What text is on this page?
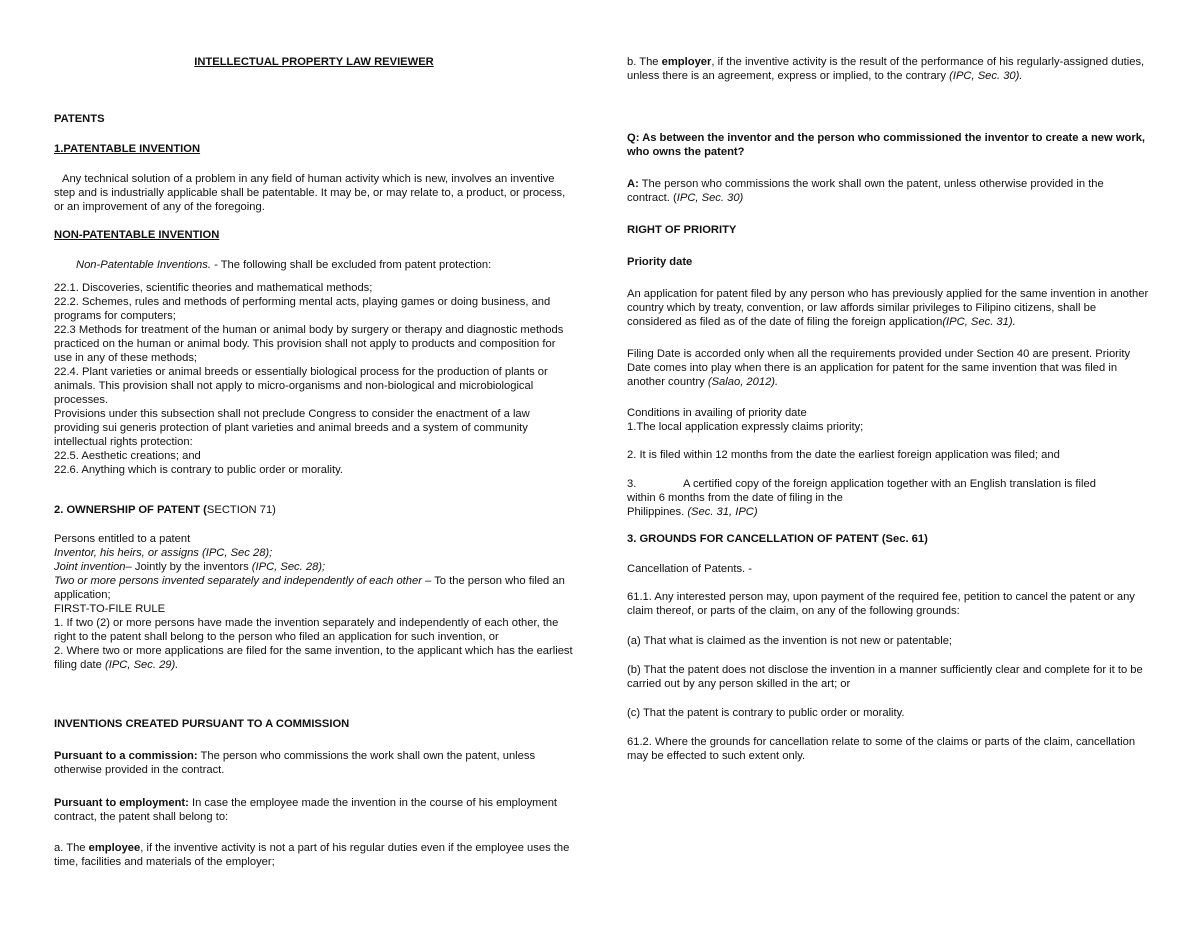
INTELLECTUAL PROPERTY LAW REVIEWER
PATENTS
1.PATENTABLE INVENTION

Any technical solution of a problem in any field of human activity which is new, involves an inventive step and is industrially applicable shall be patentable. It may be, or may relate to, a product, or process, or an improvement of any of the foregoing.

NON-PATENTABLE INVENTION

Non-Patentable Inventions. - The following shall be excluded from patent protection:

22.1. Discoveries, scientific theories and mathematical methods;

22.2. Schemes, rules and methods of performing mental acts, playing games or doing business, and programs for computers;

22.3 Methods for treatment of the human or animal body by surgery or therapy and diagnostic methods practiced on the human or animal body. This provision shall not apply to products and composition for use in any of these methods;

22.4. Plant varieties or animal breeds or essentially biological process for the production of plants or animals. This provision shall not apply to micro-organisms and non-biological and microbiological processes.

Provisions under this subsection shall not preclude Congress to consider the enactment of a law providing sui generis protection of plant varieties and animal breeds and a system of community intellectual rights protection:

22.5. Aesthetic creations; and

22.6. Anything which is contrary to public order or morality.

2. OWNERSHIP OF PATENT (SECTION 71)

Persons entitled to a patent

Inventor, his heirs, or assigns (IPC, Sec 28);

Joint invention– Jointly by the inventors (IPC, Sec. 28);

Two or more persons invented separately and independently of each other – To the person who filed an application;

FIRST-TO-FILE RULE

1. If two (2) or more persons have made the invention separately and independently of each other, the right to the patent shall belong to the person who filed an application for such invention, or

2. Where two or more applications are filed for the same invention, to the applicant which has the earliest filing date (IPC, Sec. 29).

INVENTIONS CREATED PURSUANT TO A COMMISSION

Pursuant to a commission: The person who commissions the work shall own the patent, unless otherwise provided in the contract.

Pursuant to employment: In case the employee made the invention in the course of his employment contract, the patent shall belong to:

a. The employee, if the inventive activity is not a part of his regular duties even if the employee uses the time, facilities and materials of the employer;

b. The employer, if the inventive activity is the result of the performance of his regularly-assigned duties, unless there is an agreement, express or implied, to the contrary (IPC, Sec. 30).

Q: As between the inventor and the person who commissioned the inventor to create a new work, who owns the patent?

A: The person who commissions the work shall own the patent, unless otherwise provided in the contract. (IPC, Sec. 30)

RIGHT OF PRIORITY
Priority date

An application for patent filed by any person who has previously applied for the same invention in another country which by treaty, convention, or law affords similar privileges to Filipino citizens, shall be considered as filed as of the date of filing the foreign application(IPC, Sec. 31).

Filing Date is accorded only when all the requirements provided under Section 40 are present. Priority Date comes into play when there is an application for patent for the same invention that was filed in another country (Salao, 2012).

Conditions in availing of priority date

1.The local application expressly claims priority;

2. It is filed within 12 months from the date the earliest foreign application was filed; and

3.	A certified copy of the foreign application together with an English translation is filed

within 6 months from the date of filing in the

Philippines. (Sec. 31, IPC)

3. GROUNDS FOR CANCELLATION OF PATENT (Sec. 61)

Cancellation of Patents. -

61.1. Any interested person may, upon payment of the required fee, petition to cancel the patent or any claim thereof, or parts of the claim, on any of the following grounds:

(a) That what is claimed as the invention is not new or patentable;

(b) That the patent does not disclose the invention in a manner sufficiently clear and complete for it to be carried out by any person skilled in the art; or

(c) That the patent is contrary to public order or morality.

61.2. Where the grounds for cancellation relate to some of the claims or parts of the claim, cancellation may be effected to such extent only.
